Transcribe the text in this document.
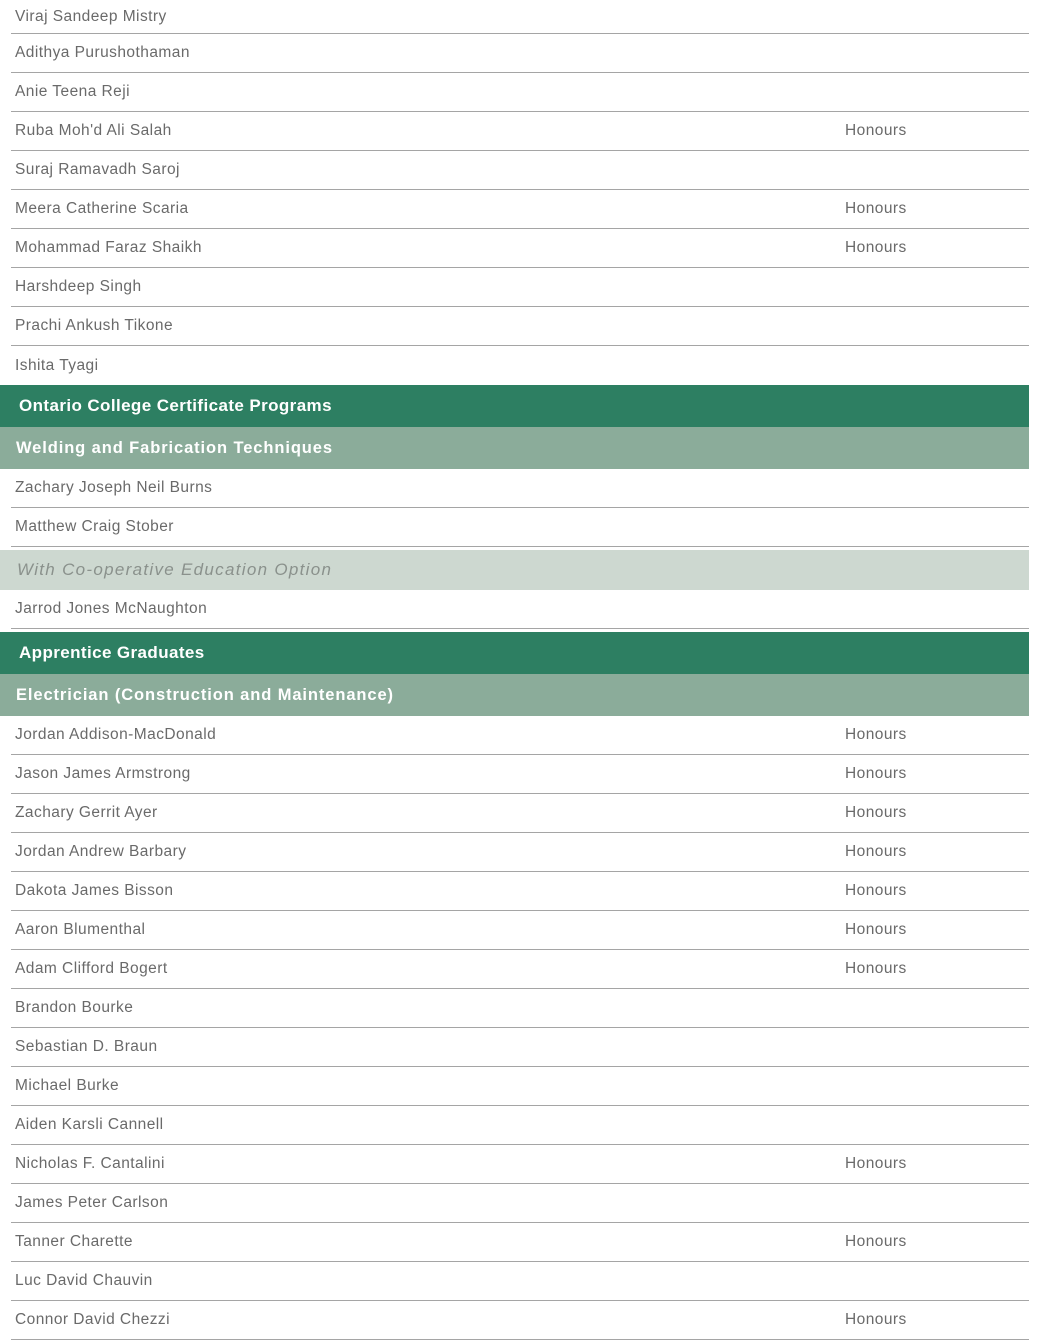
Viraj Sandeep Mistry
Adithya Purushothaman
Anie Teena Reji
Ruba Moh'd Ali Salah	Honours
Suraj Ramavadh Saroj
Meera Catherine Scaria	Honours
Mohammad Faraz Shaikh	Honours
Harshdeep Singh
Prachi Ankush Tikone
Ishita Tyagi
Ontario College Certificate Programs
Welding and Fabrication Techniques
Zachary Joseph Neil Burns
Matthew Craig Stober
With Co-operative Education Option
Jarrod Jones McNaughton
Apprentice Graduates
Electrician (Construction and Maintenance)
Jordan Addison-MacDonald	Honours
Jason James Armstrong	Honours
Zachary Gerrit Ayer	Honours
Jordan Andrew Barbary	Honours
Dakota James Bisson	Honours
Aaron Blumenthal	Honours
Adam Clifford Bogert	Honours
Brandon Bourke
Sebastian D. Braun
Michael Burke
Aiden Karsli Cannell
Nicholas F. Cantalini	Honours
James Peter Carlson
Tanner Charette	Honours
Luc David Chauvin
Connor David Chezzi	Honours
